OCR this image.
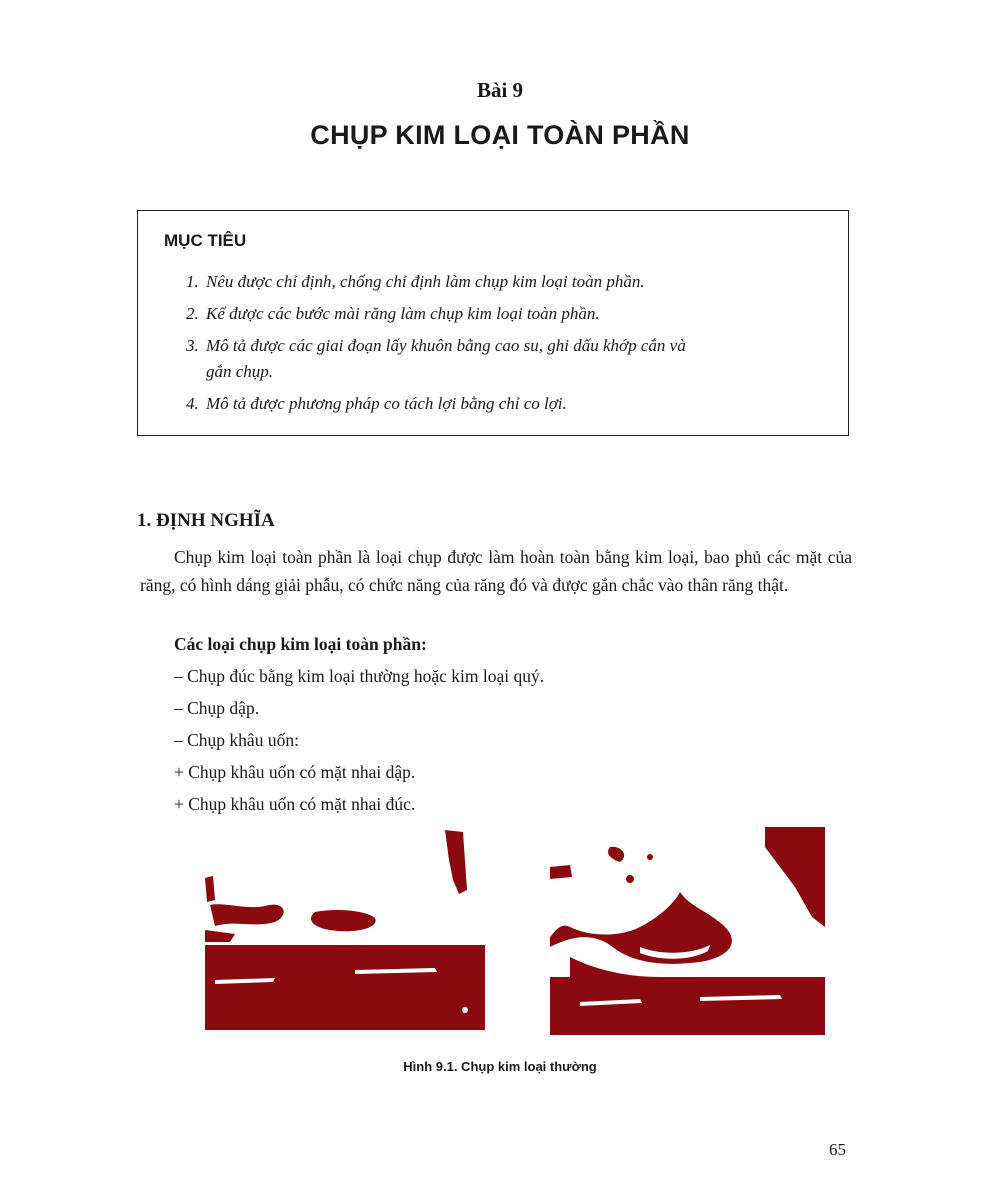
Bài 9
CHỤP KIM LOẠI TOÀN PHẦN
MỤC TIÊU
1. Nêu được chỉ định, chống chỉ định làm chụp kim loại toàn phần.
2. Kể được các bước mài răng làm chụp kim loại toàn phần.
3. Mô tả được các giai đoạn lấy khuôn bằng cao su, ghi dấu khớp cắn và
gắn chụp.
4. Mô tả được phương pháp co tách lợi bằng chỉ co lợi.
1. ĐỊNH NGHĨA
Chụp kim loại toàn phần là loại chụp được làm hoàn toàn bằng kim loại, bao phủ các mặt của răng, có hình dáng giải phẫu, có chức năng của răng đó và được gắn chắc vào thân răng thật.
Các loại chụp kim loại toàn phần:
– Chụp đúc bằng kim loại thường hoặc kim loại quý.
– Chụp dập.
– Chụp khâu uốn:
+ Chụp khâu uốn có mặt nhai dập.
+ Chụp khâu uốn có mặt nhai đúc.
Hình 9.1. Chụp kim loại thường
65
